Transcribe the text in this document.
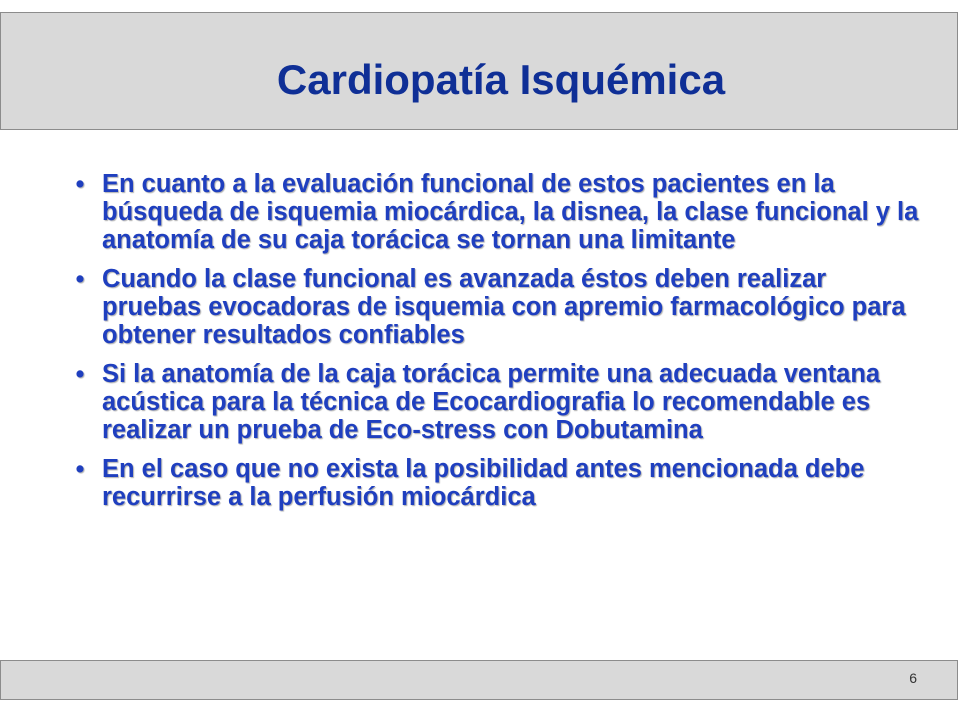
Cardiopatía Isquémica
• En cuanto a la evaluación funcional de estos pacientes en la búsqueda de isquemia miocárdica, la disnea, la clase funcional y la anatomía de su caja torácica se tornan una limitante
• Cuando la clase funcional es avanzada éstos deben realizar pruebas evocadoras de isquemia con apremio farmacológico para obtener resultados confiables
• Si la anatomía de la caja torácica permite una adecuada ventana acústica para la técnica de Ecocardiografia lo recomendable es realizar un prueba de Eco-stress con Dobutamina
• En el caso que no exista la posibilidad antes mencionada debe recurrirse a la perfusión miocárdica
6
